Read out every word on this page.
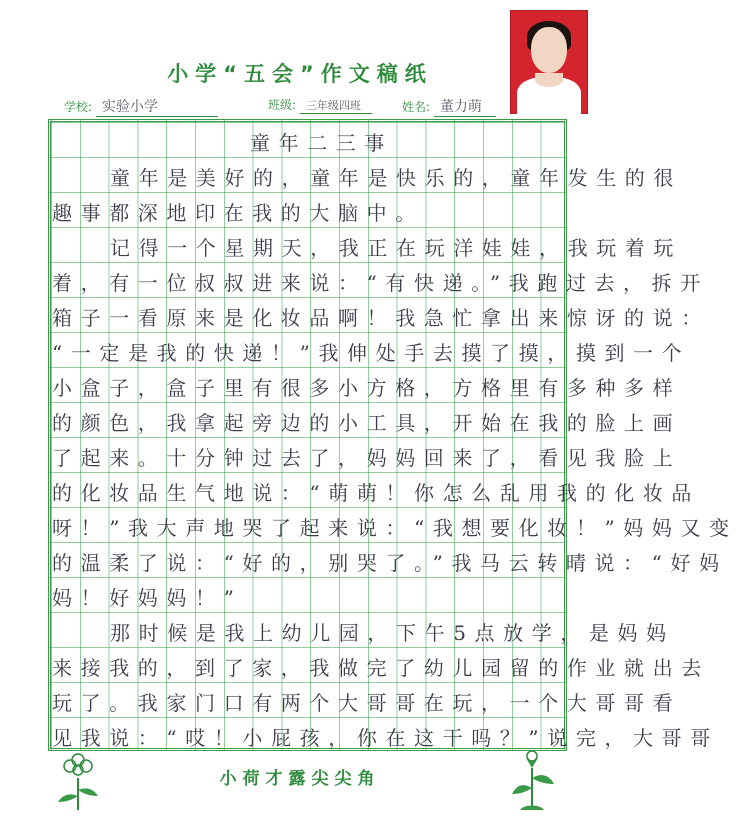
小学“五会”作文稿纸
学校: 实验小学	班级: 三年级四班	姓名: 董力萌
童年二三事
童年是美好的，童年是快乐的，童年发生的很
趣事都深地印在我的大脑中。
记得一个星期天，我正在玩洋娃娃，我玩着玩
着，有一位叔叔进来说：“有快递。”我跑过去，拆开
箱子一看原来是化妆品啊！我急忙拿出来惊讶的说：
“一定是我的快递！”我伸处手去摸了摸，摸到一个
小盒子，盒子里有很多小方格，方格里有多种多样
的颜色，我拿起旁边的小工具，开始在我的脸上画
了起来。十分钟过去了，妈妈回来了，看见我脸上
的化妆品生气地说：“萌萌！你怎么乱用我的化妆品
呀！”我大声地哭了起来说：“我想要化妆！”妈妈又变
的温柔了说：“好的，别哭了。”我马云转晴说：“好妈
妈！好妈妈！”
那时候是我上幼儿园，下午5点放学，是妈妈
来接我的，到了家，我做完了幼儿园留的作业就出去
玩了。我家门口有两个大哥哥在玩，一个大哥哥看
见我说：“哎！小屁孩，你在这干吗？”说完，大哥哥
小荷才露尖尖角
